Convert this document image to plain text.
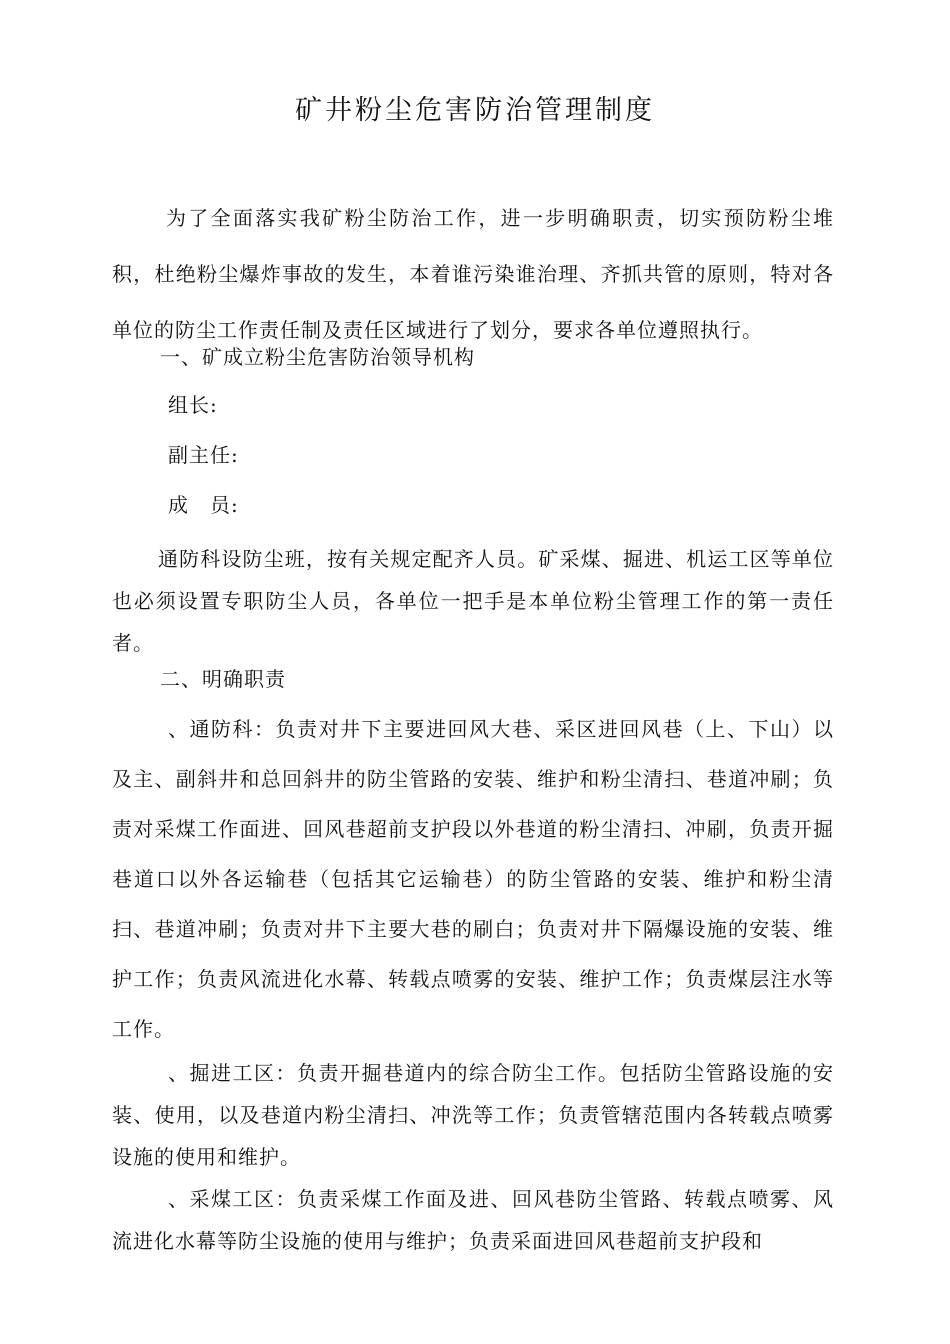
矿井粉尘危害防治管理制度

为了全面落实我矿粉尘防治工作，进一步明确职责，切实预防粉尘堆积，杜绝粉尘爆炸事故的发生，本着谁污染谁治理、齐抓共管的原则，特对各单位的防尘工作责任制及责任区域进行了划分，要求各单位遵照执行。

一、矿成立粉尘危害防治领导机构

组长:

副主任:

成　员:

通防科设防尘班，按有关规定配齐人员。矿采煤、掘进、机运工区等单位也必须设置专职防尘人员，各单位一把手是本单位粉尘管理工作的第一责任者。

二、明确职责

、通防科：负责对井下主要进回风大巷、采区进回风巷（上、下山）以及主、副斜井和总回斜井的防尘管路的安装、维护和粉尘清扫、巷道冲刷；负责对采煤工作面进、回风巷超前支护段以外巷道的粉尘清扫、冲刷，负责开掘巷道口以外各运输巷（包括其它运输巷）的防尘管路的安装、维护和粉尘清扫、巷道冲刷；负责对井下主要大巷的刷白；负责对井下隔爆设施的安装、维护工作；负责风流进化水幕、转载点喷雾的安装、维护工作；负责煤层注水等工作。

、掘进工区：负责开掘巷道内的综合防尘工作。包括防尘管路设施的安装、使用，以及巷道内粉尘清扫、冲洗等工作；负责管辖范围内各转载点喷雾设施的使用和维护。

、采煤工区：负责采煤工作面及进、回风巷防尘管路、转载点喷雾、风流进化水幕等防尘设施的使用与维护；负责采面进回风巷超前支护段和
